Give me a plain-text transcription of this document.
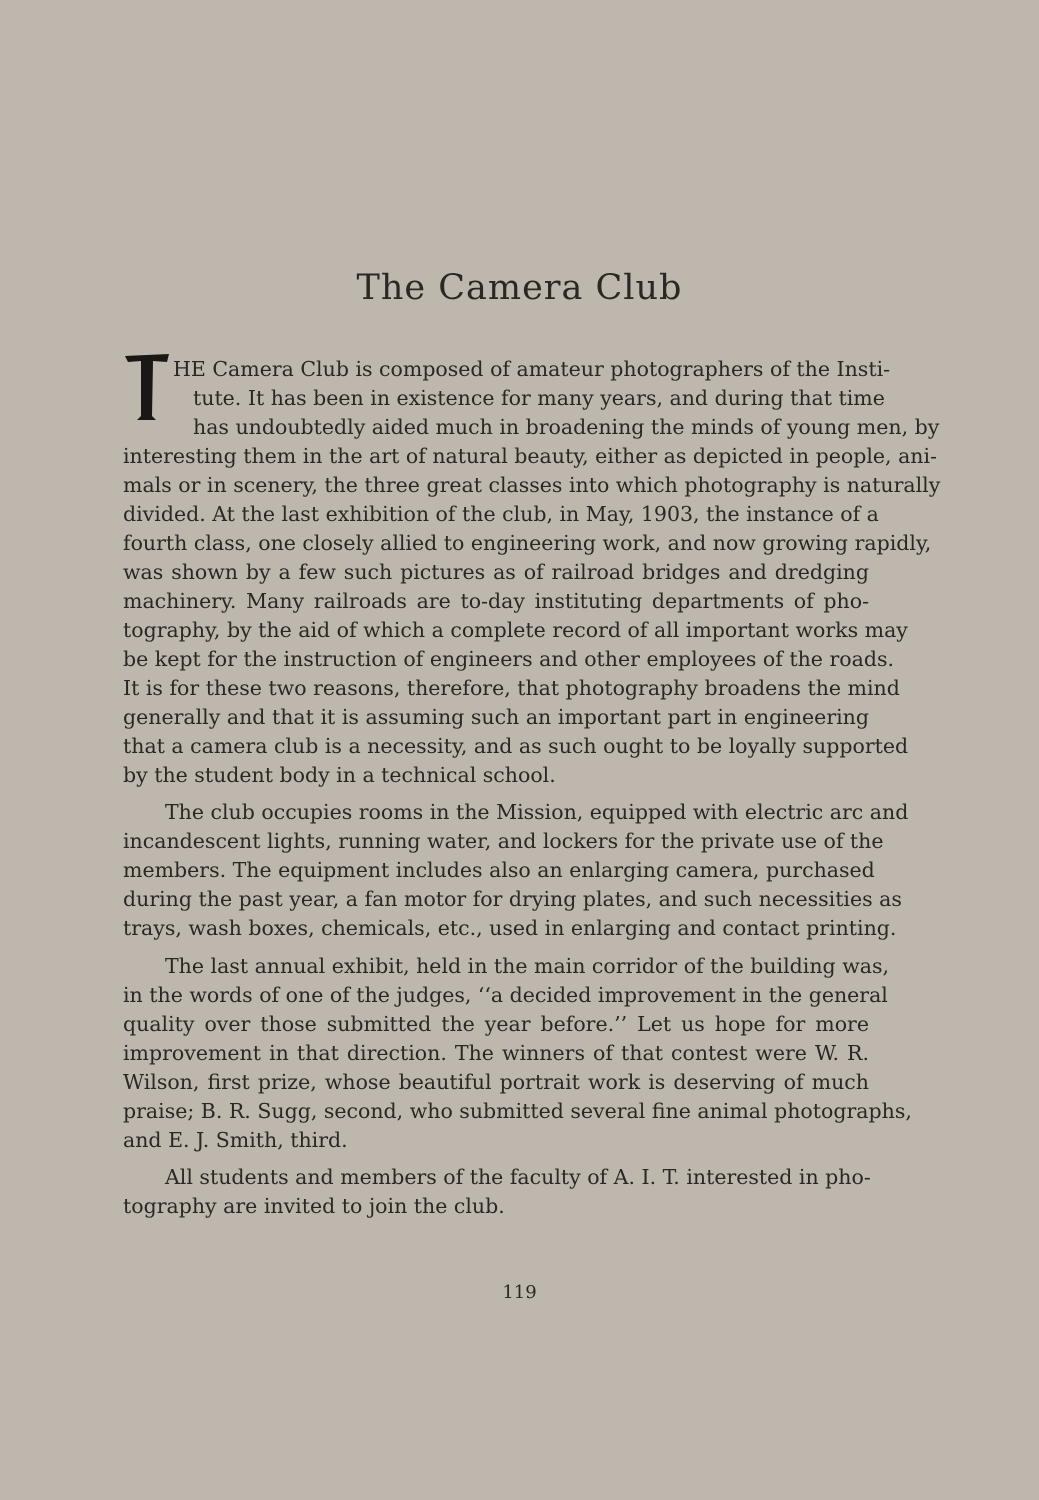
The Camera Club
HE Camera Club is composed of amateur photographers of the Insti-
tute. It has been in existence for many years, and during that time
has undoubtedly aided much in broadening the minds of young men, by
interesting them in the art of natural beauty, either as depicted in people, ani-
mals or in scenery, the three great classes into which photography is naturally
divided. At the last exhibition of the club, in May, 1903, the instance of a
fourth class, one closely allied to engineering work, and now growing rapidly,
was shown by a few such pictures as of railroad bridges and dredging
machinery. Many railroads are to-day instituting departments of pho-
tography, by the aid of which a complete record of all important works may
be kept for the instruction of engineers and other employees of the roads.
It is for these two reasons, therefore, that photography broadens the mind
generally and that it is assuming such an important part in engineering
that a camera club is a necessity, and as such ought to be loyally supported
by the student body in a technical school.
The club occupies rooms in the Mission, equipped with electric arc and
incandescent lights, running water, and lockers for the private use of the
members. The equipment includes also an enlarging camera, purchased
during the past year, a fan motor for drying plates, and such necessities as
trays, wash boxes, chemicals, etc., used in enlarging and contact printing.
The last annual exhibit, held in the main corridor of the building was,
in the words of one of the judges, ‘‘a decided improvement in the general
quality over those submitted the year before.’’ Let us hope for more
improvement in that direction. The winners of that contest were W. R.
Wilson, first prize, whose beautiful portrait work is deserving of much
praise; B. R. Sugg, second, who submitted several fine animal photographs,
and E. J. Smith, third.
All students and members of the faculty of A. I. T. interested in pho-
tography are invited to join the club.
119
